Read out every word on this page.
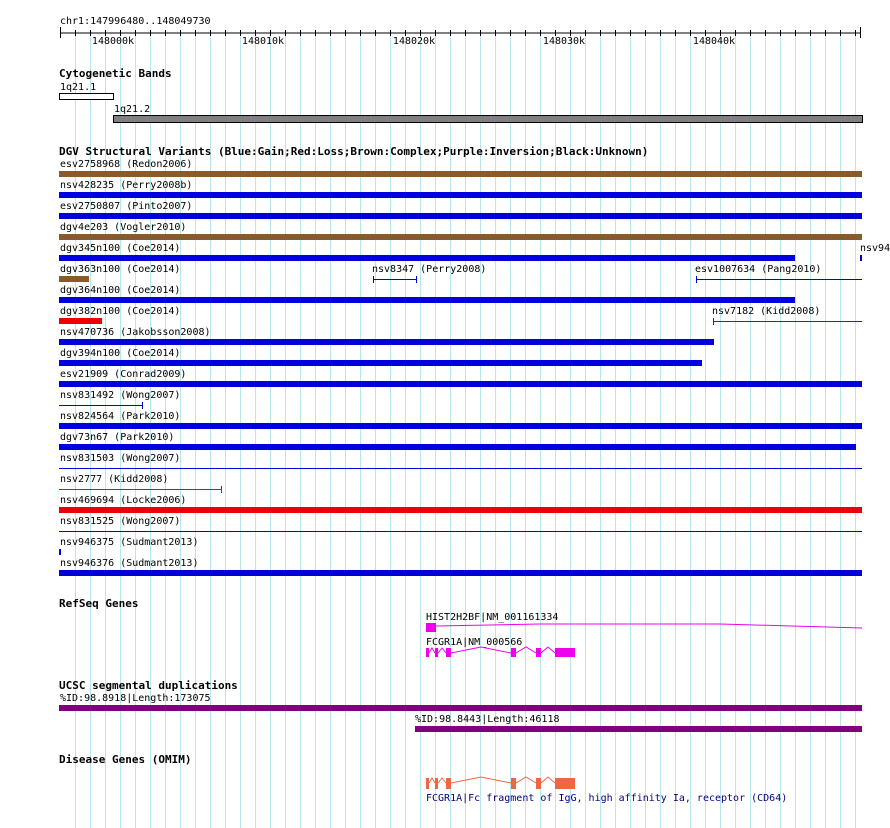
chr1:147996480..148049730
148000k	148010k	148020k	148030k	148040k
Cytogenetic Bands
1q21.1
1q21.2
DGV Structural Variants (Blue:Gain;Red:Loss;Brown:Complex;Purple:Inversion;Black:Unknown)
esv2758968 (Redon2006)
nsv428235 (Perry2008b)
esv2750807 (Pinto2007)
dgv4e203 (Vogler2010)
dgv345n100 (Coe2014)	nsv94
dgv363n100 (Coe2014)	nsv8347 (Perry2008)	esv1007634 (Pang2010)
dgv364n100 (Coe2014)
dgv382n100 (Coe2014)	nsv7182 (Kidd2008)
nsv470736 (Jakobsson2008)
dgv394n100 (Coe2014)
esv21909 (Conrad2009)
nsv831492 (Wong2007)
nsv824564 (Park2010)
dgv73n67 (Park2010)
nsv831503 (Wong2007)
nsv2777 (Kidd2008)
nsv469694 (Locke2006)
nsv831525 (Wong2007)
nsv946375 (Sudmant2013)
nsv946376 (Sudmant2013)
RefSeq Genes
HIST2H2BF|NM_001161334
FCGR1A|NM_000566
UCSC segmental duplications
%ID:98.8918|Length:173075
%ID:98.8443|Length:46118
Disease Genes (OMIM)
FCGR1A|Fc fragment of IgG, high affinity Ia, receptor (CD64)
